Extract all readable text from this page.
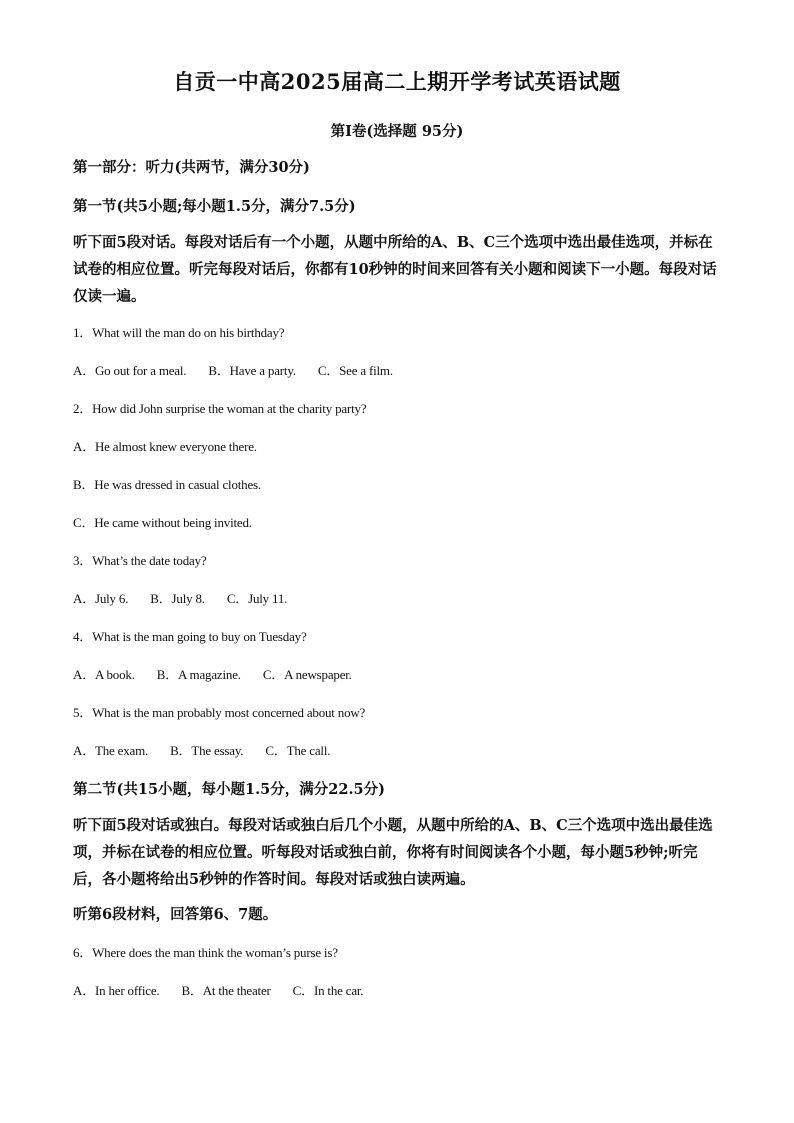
自贡一中高2025届高二上期开学考试英语试题
第Ⅰ卷(选择题 95分)
第一部分：听力(共两节，满分30分)
第一节(共5小题;每小题1.5分，满分7.5分)
听下面5段对话。每段对话后有一个小题，从题中所给的A、B、C三个选项中选出最佳选项，并标在试卷的相应位置。听完每段对话后，你都有10秒钟的时间来回答有关小题和阅读下一小题。每段对话仅读一遍。
1．What will the man do on his birthday?
A．Go out for a meal. B．Have a party. C．See a film.
2．How did John surprise the woman at the charity party?
A．He almost knew everyone there.
B．He was dressed in casual clothes.
C．He came without being invited.
3．What’s the date today?
A．July 6. B．July 8. C．July 11.
4．What is the man going to buy on Tuesday?
A．A book. B．A magazine. C．A newspaper.
5．What is the man probably most concerned about now?
A．The exam. B．The essay. C．The call.
第二节(共15小题，每小题1.5分，满分22.5分)
听下面5段对话或独白。每段对话或独白后几个小题，从题中所给的A、B、C三个选项中选出最佳选项，并标在试卷的相应位置。听每段对话或独白前，你将有时间阅读各个小题，每小题5秒钟;听完后，各小题将给出5秒钟的作答时间。每段对话或独白读两遍。
听第6段材料，回答第6、7题。
6．Where does the man think the woman’s purse is?
A．In her office. B．At the theater C．In the car.
